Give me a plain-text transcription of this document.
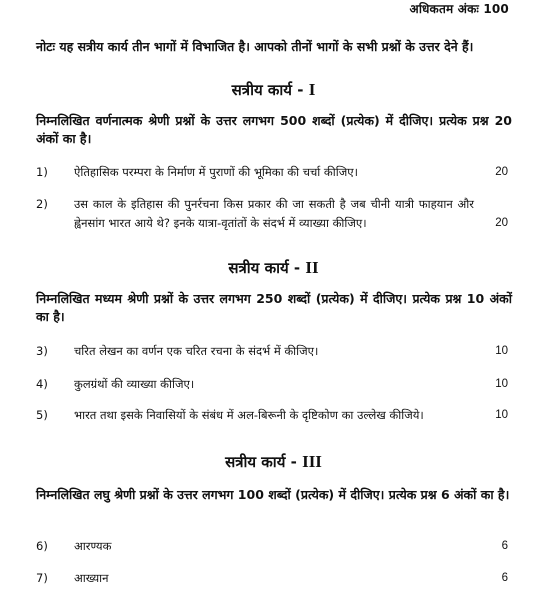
अधिकतम अंकः 100
नोटः यह सत्रीय कार्य तीन भागों में विभाजित है। आपको तीनों भागों के सभी प्रश्नों के उत्तर देने हैं।
सत्रीय कार्य - I
निम्नलिखित वर्णनात्मक श्रेणी प्रश्नों के उत्तर लगभग 500 शब्दों (प्रत्येक) में दीजिए। प्रत्येक प्रश्न 20 अंकों का है।
1) ऐतिहासिक परम्परा के निर्माण में पुराणों की भूमिका की चर्चा कीजिए।	20
2) उस काल के इतिहास की पुनर्रचना किस प्रकार की जा सकती है जब चीनी यात्री फाहयान और ह्वेनसांग भारत आये थे? इनके यात्रा-वृतांतों के संदर्भ में व्याख्या कीजिए।	20
सत्रीय कार्य - II
निम्नलिखित मध्यम श्रेणी प्रश्नों के उत्तर लगभग 250 शब्दों (प्रत्येक) में दीजिए। प्रत्येक प्रश्न 10 अंकों का है।
3) चरित लेखन का वर्णन एक चरित रचना के संदर्भ में कीजिए।	10
4) कुलग्रंथों की व्याख्या कीजिए।	10
5) भारत तथा इसके निवासियों के संबंध में अल-बिरूनी के दृष्टिकोण का उल्लेख कीजिये।	10
सत्रीय कार्य - III
निम्नलिखित लघु श्रेणी प्रश्नों के उत्तर लगभग 100 शब्दों (प्रत्येक) में दीजिए। प्रत्येक प्रश्न 6 अंकों का है।
6) आरण्यक	6
7) आख्यान	6
